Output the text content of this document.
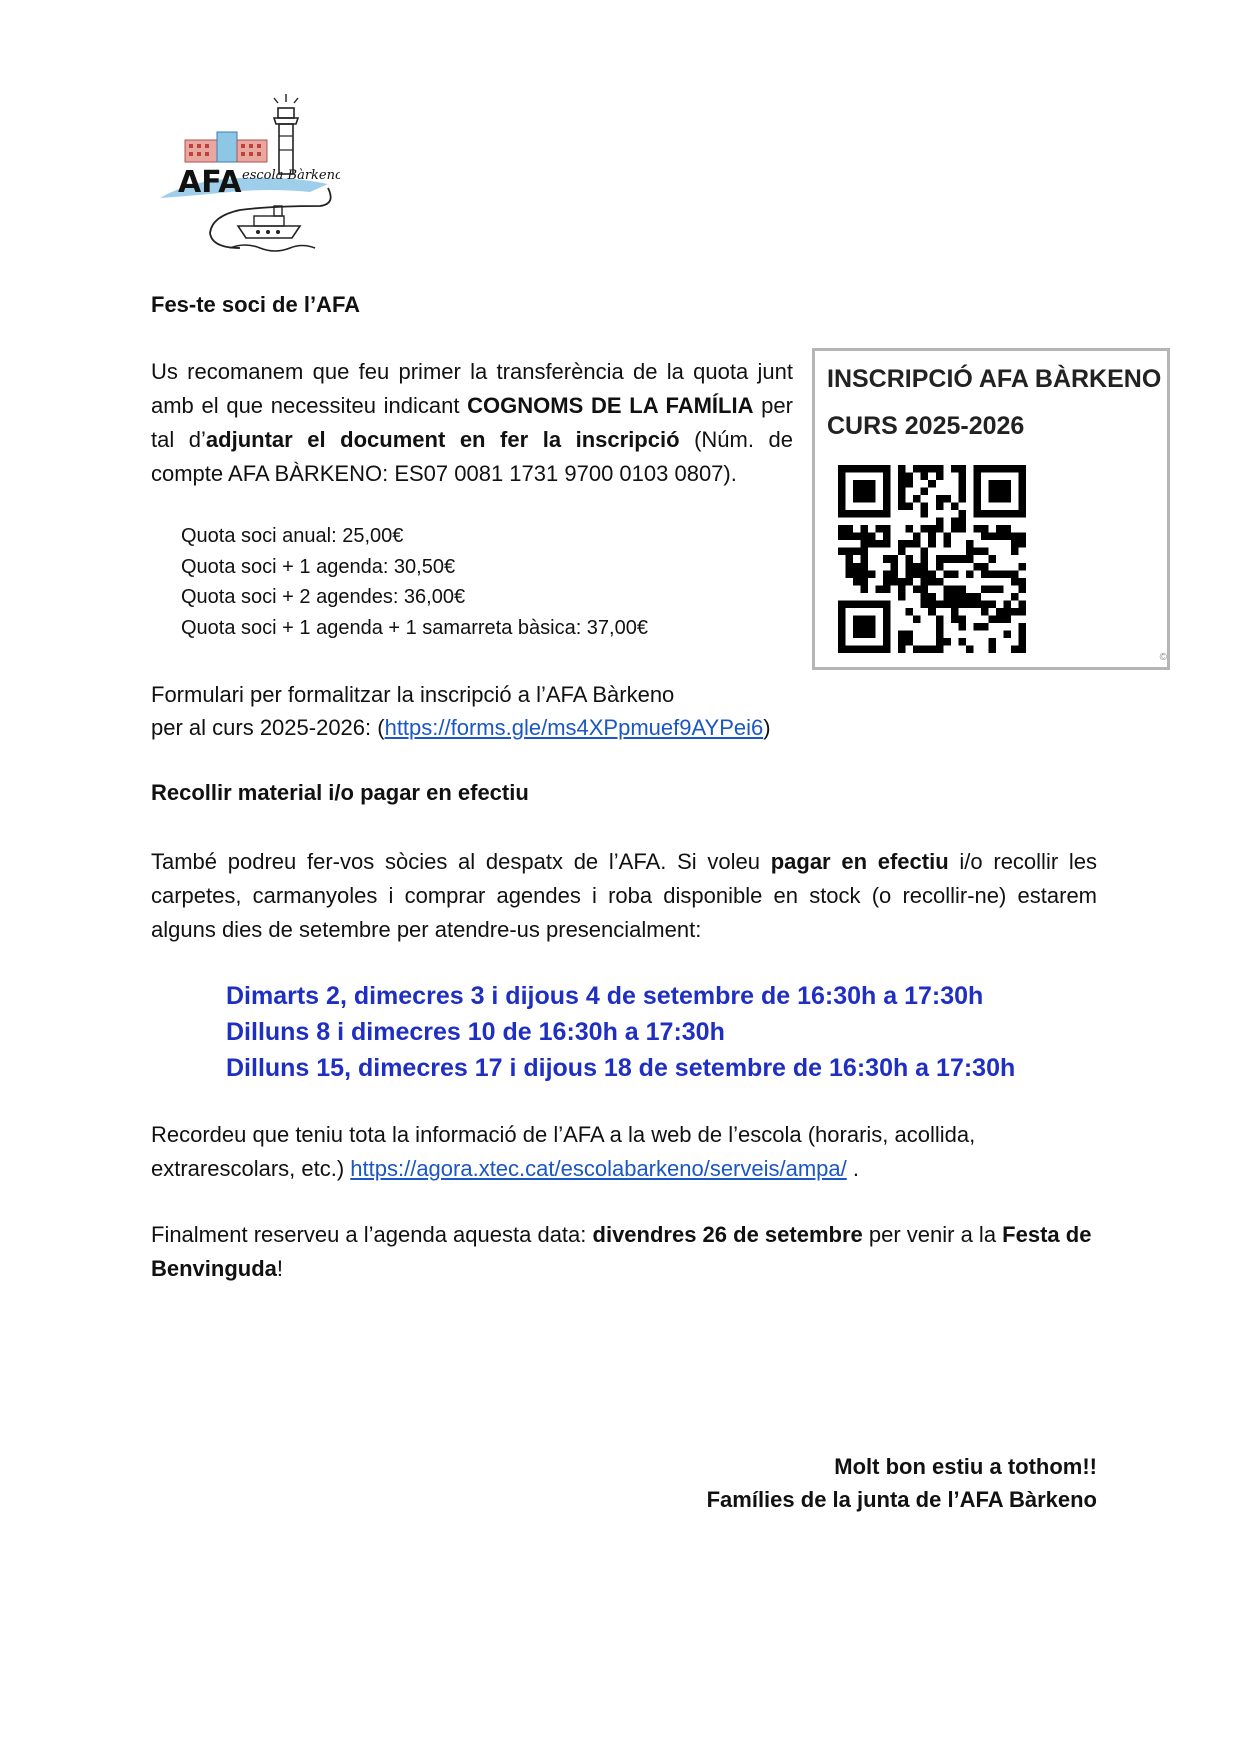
AFA escola Bàrkeno
Fes-te soci de l’AFA
Us recomanem que feu primer la transferència de la quota junt amb el que necessiteu indicant COGNOMS DE LA FAMÍLIA per tal d’adjuntar el document en fer la inscripció (Núm. de compte AFA BÀRKENO: ES07 0081 1731 9700 0103 0807).
Quota soci anual: 25,00€
Quota soci + 1 agenda: 30,50€
Quota soci + 2 agendes: 36,00€
Quota soci + 1 agenda + 1 samarreta bàsica: 37,00€
INSCRIPCIÓ AFA BÀRKENO
CURS 2025-2026
©
Formulari per formalitzar la inscripció a l’AFA Bàrkeno
per al curs 2025-2026: (https://forms.gle/ms4XPpmuef9AYPei6)
Recollir material i/o pagar en efectiu
També podreu fer-vos sòcies al despatx de l’AFA. Si voleu pagar en efectiu i/o recollir les carpetes, carmanyoles i comprar agendes i roba disponible en stock (o recollir-ne) estarem alguns dies de setembre per atendre-us presencialment:
Dimarts 2, dimecres 3 i dijous 4 de setembre de 16:30h a 17:30h
Dilluns 8 i dimecres 10 de 16:30h a 17:30h
Dilluns 15, dimecres 17 i dijous 18 de setembre de 16:30h a 17:30h
Recordeu que teniu tota la informació de l’AFA a la web de l’escola (horaris, acollida, extrarescolars, etc.) https://agora.xtec.cat/escolabarkeno/serveis/ampa/ .
Finalment reserveu a l’agenda aquesta data: divendres 26 de setembre per venir a la Festa de Benvinguda!
Molt bon estiu a tothom!!
Famílies de la junta de l’AFA Bàrkeno
